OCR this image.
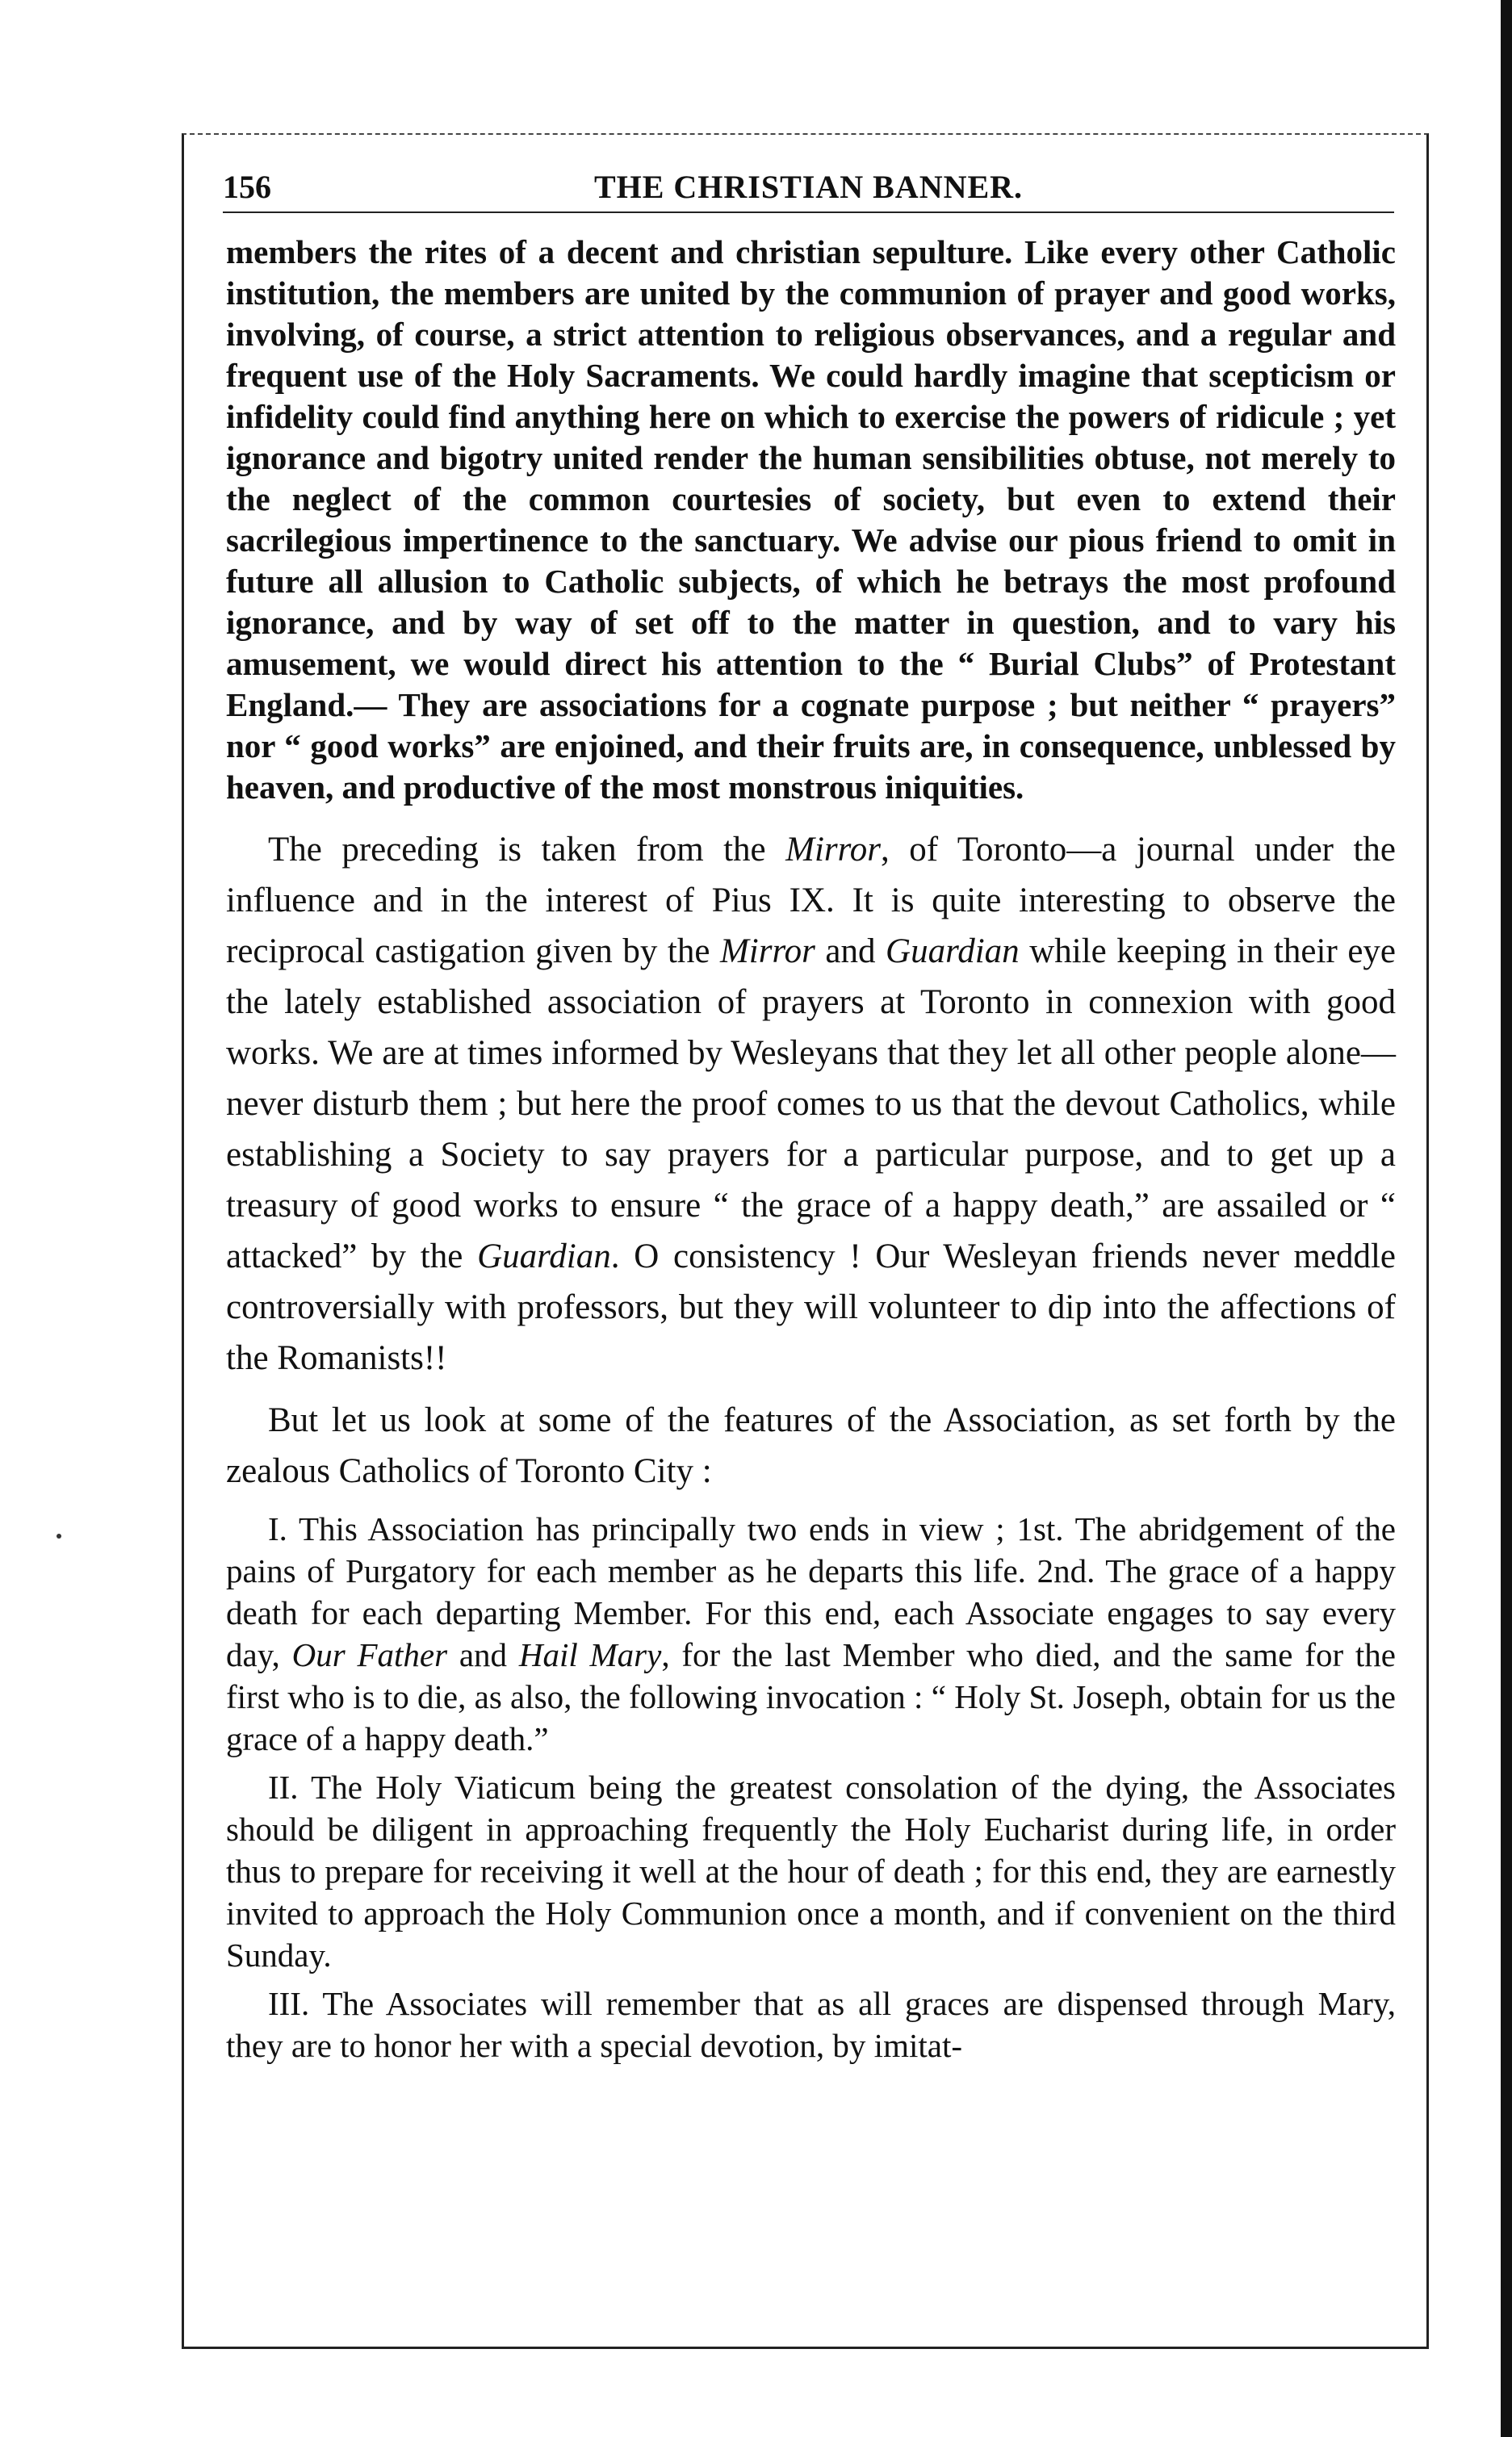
156	THE CHRISTIAN BANNER.

members the rites of a decent and christian sepulture. Like every other Catholic institution, the members are united by the communion of prayer and good works, involving, of course, a strict attention to religious observances, and a regular and frequent use of the Holy Sacraments. We could hardly imagine that scepticism or infidelity could find anything here on which to exercise the powers of ridicule ; yet ignorance and bigotry united render the human sensibilities obtuse, not merely to the neglect of the common courtesies of society, but even to extend their sacrilegious impertinence to the sanctuary. We advise our pious friend to omit in future all allusion to Catholic subjects, of which he betrays the most profound ignorance, and by way of set off to the matter in question, and to vary his amusement, we would direct his attention to the “ Burial Clubs” of Protestant England.— They are associations for a cognate purpose ; but neither “ prayers” nor “ good works” are enjoined, and their fruits are, in consequence, unblessed by heaven, and productive of the most monstrous iniquities.

The preceding is taken from the Mirror, of Toronto—a journal under the influence and in the interest of Pius IX. It is quite interesting to observe the reciprocal castigation given by the Mirror and Guardian while keeping in their eye the lately established association of prayers at Toronto in connexion with good works. We are at times informed by Wesleyans that they let all other people alone—never disturb them ; but here the proof comes to us that the devout Catholics, while establishing a Society to say prayers for a particular purpose, and to get up a treasury of good works to ensure “ the grace of a happy death,” are assailed or “ attacked” by the Guardian. O consistency ! Our Wesleyan friends never meddle controversially with professors, but they will volunteer to dip into the affections of the Romanists!!

But let us look at some of the features of the Association, as set forth by the zealous Catholics of Toronto City :

I. This Association has principally two ends in view ; 1st. The abridgement of the pains of Purgatory for each member as he departs this life. 2nd. The grace of a happy death for each departing Member. For this end, each Associate engages to say every day, Our Father and Hail Mary, for the last Member who died, and the same for the first who is to die, as also, the following invocation : “ Holy St. Joseph, obtain for us the grace of a happy death.”

II. The Holy Viaticum being the greatest consolation of the dying, the Associates should be diligent in approaching frequently the Holy Eucharist during life, in order thus to prepare for receiving it well at the hour of death ; for this end, they are earnestly invited to approach the Holy Communion once a month, and if convenient on the third Sunday.

III. The Associates will remember that as all graces are dispensed through Mary, they are to honor her with a special devotion, by imitat-
